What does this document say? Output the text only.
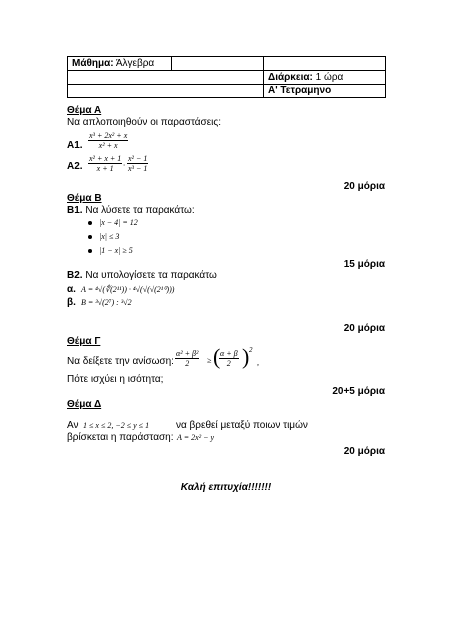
Μάθημα: Άλγεβρα
Διάρκεια: 1 ώρα
Α' Τετραμηνο
Θέμα Α
Να απλοποιηθούν οι παραστάσεις:
Α1. $\frac{\text{x³ + 2x² + x}}{\text{x² + x}}$
Α2. $\frac{\text{x² + x + 1}}{x + 1} \cdot \frac{\text{x² − 1}}{\text{x³ − 1}}$
20 μόρια
Θέμα Β
Β1. Να λύσετε τα παρακάτω:
|x − 4| = 12
|x| ≤ 3
|1 − x| ≥ 5
15 μόρια
Β2. Να υπολογίσετε τα παρακάτω
α. A = ⁴√(∜(2¹¹)) · ⁴√(√(√(2¹⁰)))
β. B = ³√(2⁷) : ³√2
20 μόρια
Θέμα Γ
Να δείξετε την ανίσωση: $\frac{\text{α² + β²}}{2}$ ≥ (
$\frac{\alpha + \beta}{2}$ ) 2
,
Πότε ισχύει η ισότητα;
20+5 μόρια
Θέμα Δ
Αν 1 ≤ x ≤ 2, −2 ≤ y ≤ 1	να βρεθεί μεταξύ ποιων τιμών
βρίσκεται η παράσταση: A = 2x² − y
20 μόρια
Καλή επιτυχία!!!!!!!
